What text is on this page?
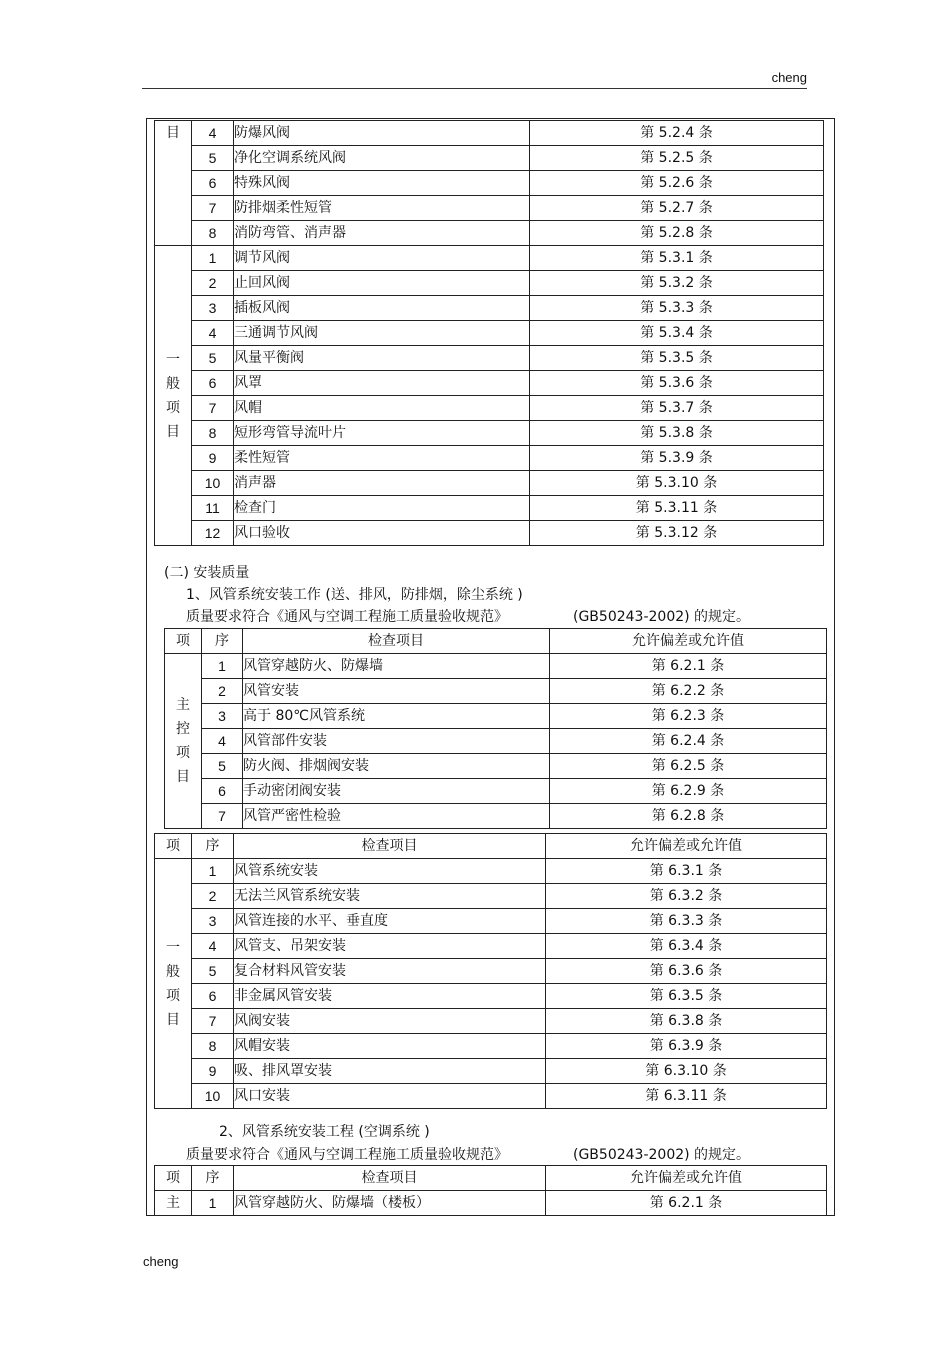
cheng
目	4	防爆风阀	第 5.2.4 条
	5	净化空调系统风阀	第 5.2.5 条
	6	特殊风阀	第 5.2.6 条
	7	防排烟柔性短管	第 5.2.7 条
	8	消防弯管、消声器	第 5.2.8 条

一
般
项
目	1	调节风阀	第 5.3.1 条
	2	止回风阀	第 5.3.2 条
	3	插板风阀	第 5.3.3 条
	4	三通调节风阀	第 5.3.4 条
	5	风量平衡阀	第 5.3.5 条
	6	风罩	第 5.3.6 条
	7	风帽	第 5.3.7 条
	8	短形弯管导流叶片	第 5.3.8 条
	9	柔性短管	第 5.3.9 条
	10	消声器	第 5.3.10 条
	11	检查门	第 5.3.11 条
	12	风口验收	第 5.3.12 条
(二) 安装质量
1、风管系统安装工作 (送、排风，防排烟，除尘系统 )
质量要求符合《通风与空调工程施工质量验收规范》	(GB50243-2002) 的规定。
项	序	检查项目	允许偏差或允许值

主
控
项
目	1	风管穿越防火、防爆墙	第 6.2.1 条
	2	风管安装	第 6.2.2 条
	3	高于 80℃风管系统	第 6.2.3 条
	4	风管部件安装	第 6.2.4 条
	5	防火阀、排烟阀安装	第 6.2.5 条
	6	手动密闭阀安装	第 6.2.9 条
	7	风管严密性检验	第 6.2.8 条
项	序	检查项目	允许偏差或允许值

一
般
项
目	1	风管系统安装	第 6.3.1 条
	2	无法兰风管系统安装	第 6.3.2 条
	3	风管连接的水平、垂直度	第 6.3.3 条
	4	风管支、吊架安装	第 6.3.4 条
	5	复合材料风管安装	第 6.3.6 条
	6	非金属风管安装	第 6.3.5 条
	7	风阀安装	第 6.3.8 条
	8	风帽安装	第 6.3.9 条
	9	吸、排风罩安装	第 6.3.10 条
	10	风口安装	第 6.3.11 条
2、风管系统安装工程 (空调系统 )
质量要求符合《通风与空调工程施工质量验收规范》	(GB50243-2002) 的规定。
项	序	检查项目	允许偏差或允许值

主	1	风管穿越防火、防爆墙（楼板）	第 6.2.1 条
cheng
